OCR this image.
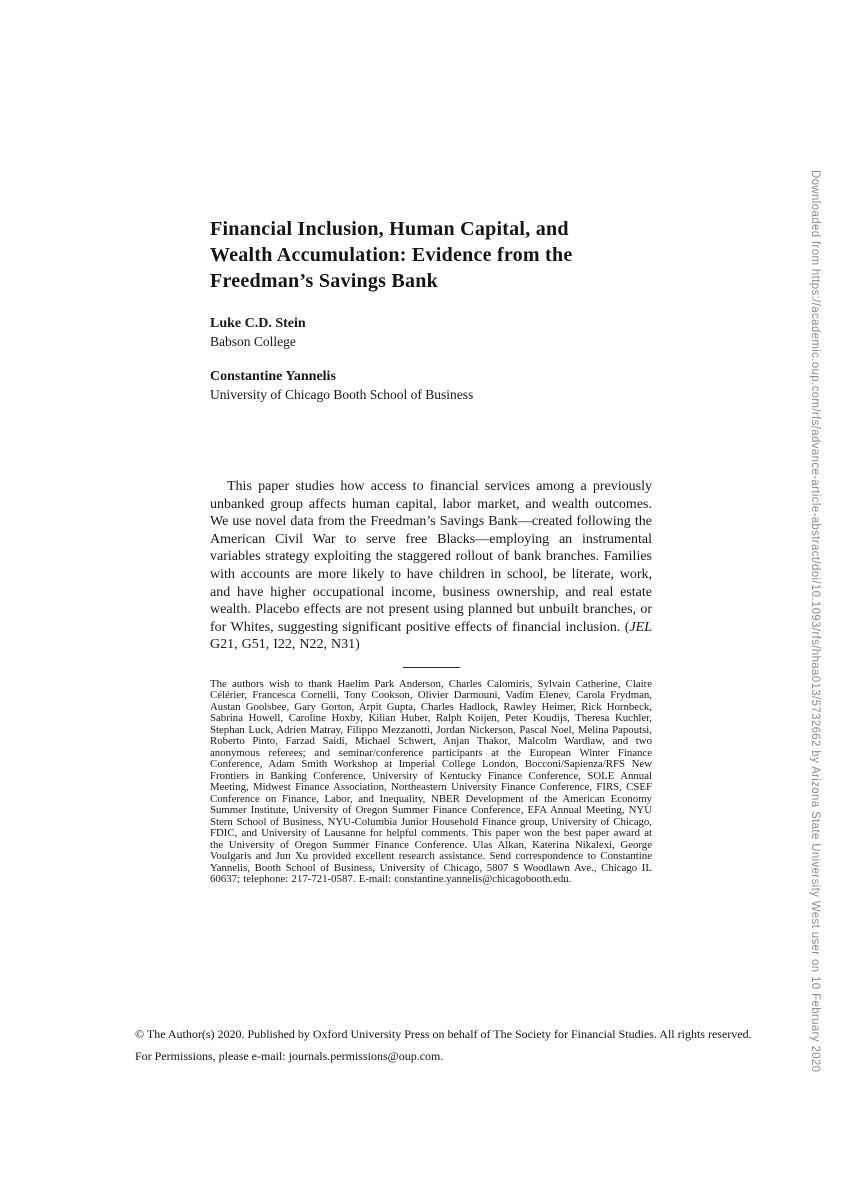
Downloaded from https://academic.oup.com/rfs/advance-article-abstract/doi/10.1093/rfs/hhaa013/5732662 by Arizona State University West user on 10 February 2020
Financial Inclusion, Human Capital, and
Wealth Accumulation: Evidence from the
Freedman’s Savings Bank
Luke C.D. Stein
Babson College
Constantine Yannelis
University of Chicago Booth School of Business

This paper studies how access to financial services among a previously unbanked group affects human capital, labor market, and wealth outcomes. We use novel data from the Freedman’s Savings Bank—created following the American Civil War to serve free Blacks—employing an instrumental variables strategy exploiting the staggered rollout of bank branches. Families with accounts are more likely to have children in school, be literate, work, and have higher occupational income, business ownership, and real estate wealth. Placebo effects are not present using planned but unbuilt branches, or for Whites, suggesting significant positive effects of financial inclusion. (JEL G21, G51, I22, N22, N31)

The authors wish to thank Haelim Park Anderson, Charles Calomiris, Sylvain Catherine, Claire Célérier, Francesca Cornelli, Tony Cookson, Olivier Darmouni, Vadim Elenev, Carola Frydman, Austan Goolsbee, Gary Gorton, Arpit Gupta, Charles Hadlock, Rawley Heimer, Rick Hornbeck, Sabrina Howell, Caroline Hoxby, Kilian Huber, Ralph Koijen, Peter Koudijs, Theresa Kuchler, Stephan Luck, Adrien Matray, Filippo Mezzanotti, Jordan Nickerson, Pascal Noel, Melina Papoutsi, Roberto Pinto, Farzad Saidi, Michael Schwert, Anjan Thakor, Malcolm Wardlaw, and two anonymous referees; and seminar/conference participants at the European Winter Finance Conference, Adam Smith Workshop at Imperial College London, Bocconi/Sapienza/RFS New Frontiers in Banking Conference, University of Kentucky Finance Conference, SOLE Annual Meeting, Midwest Finance Association, Northeastern University Finance Conference, FIRS, CSEF Conference on Finance, Labor, and Inequality, NBER Development of the American Economy Summer Institute, University of Oregon Summer Finance Conference, EFA Annual Meeting, NYU Stern School of Business, NYU-Columbia Junior Household Finance group, University of Chicago, FDIC, and University of Lausanne for helpful comments. This paper won the best paper award at the University of Oregon Summer Finance Conference. Ulas Alkan, Katerina Nikalexi, George Voulgaris and Jun Xu provided excellent research assistance. Send correspondence to Constantine Yannelis, Booth School of Business, University of Chicago, 5807 S Woodlawn Ave., Chicago IL 60637; telephone: 217-721-0587. E-mail: constantine.yannelis@chicagobooth.edu.

© The Author(s) 2020. Published by Oxford University Press on behalf of The Society for Financial Studies. All rights reserved.
For Permissions, please e-mail: journals.permissions@oup.com.
